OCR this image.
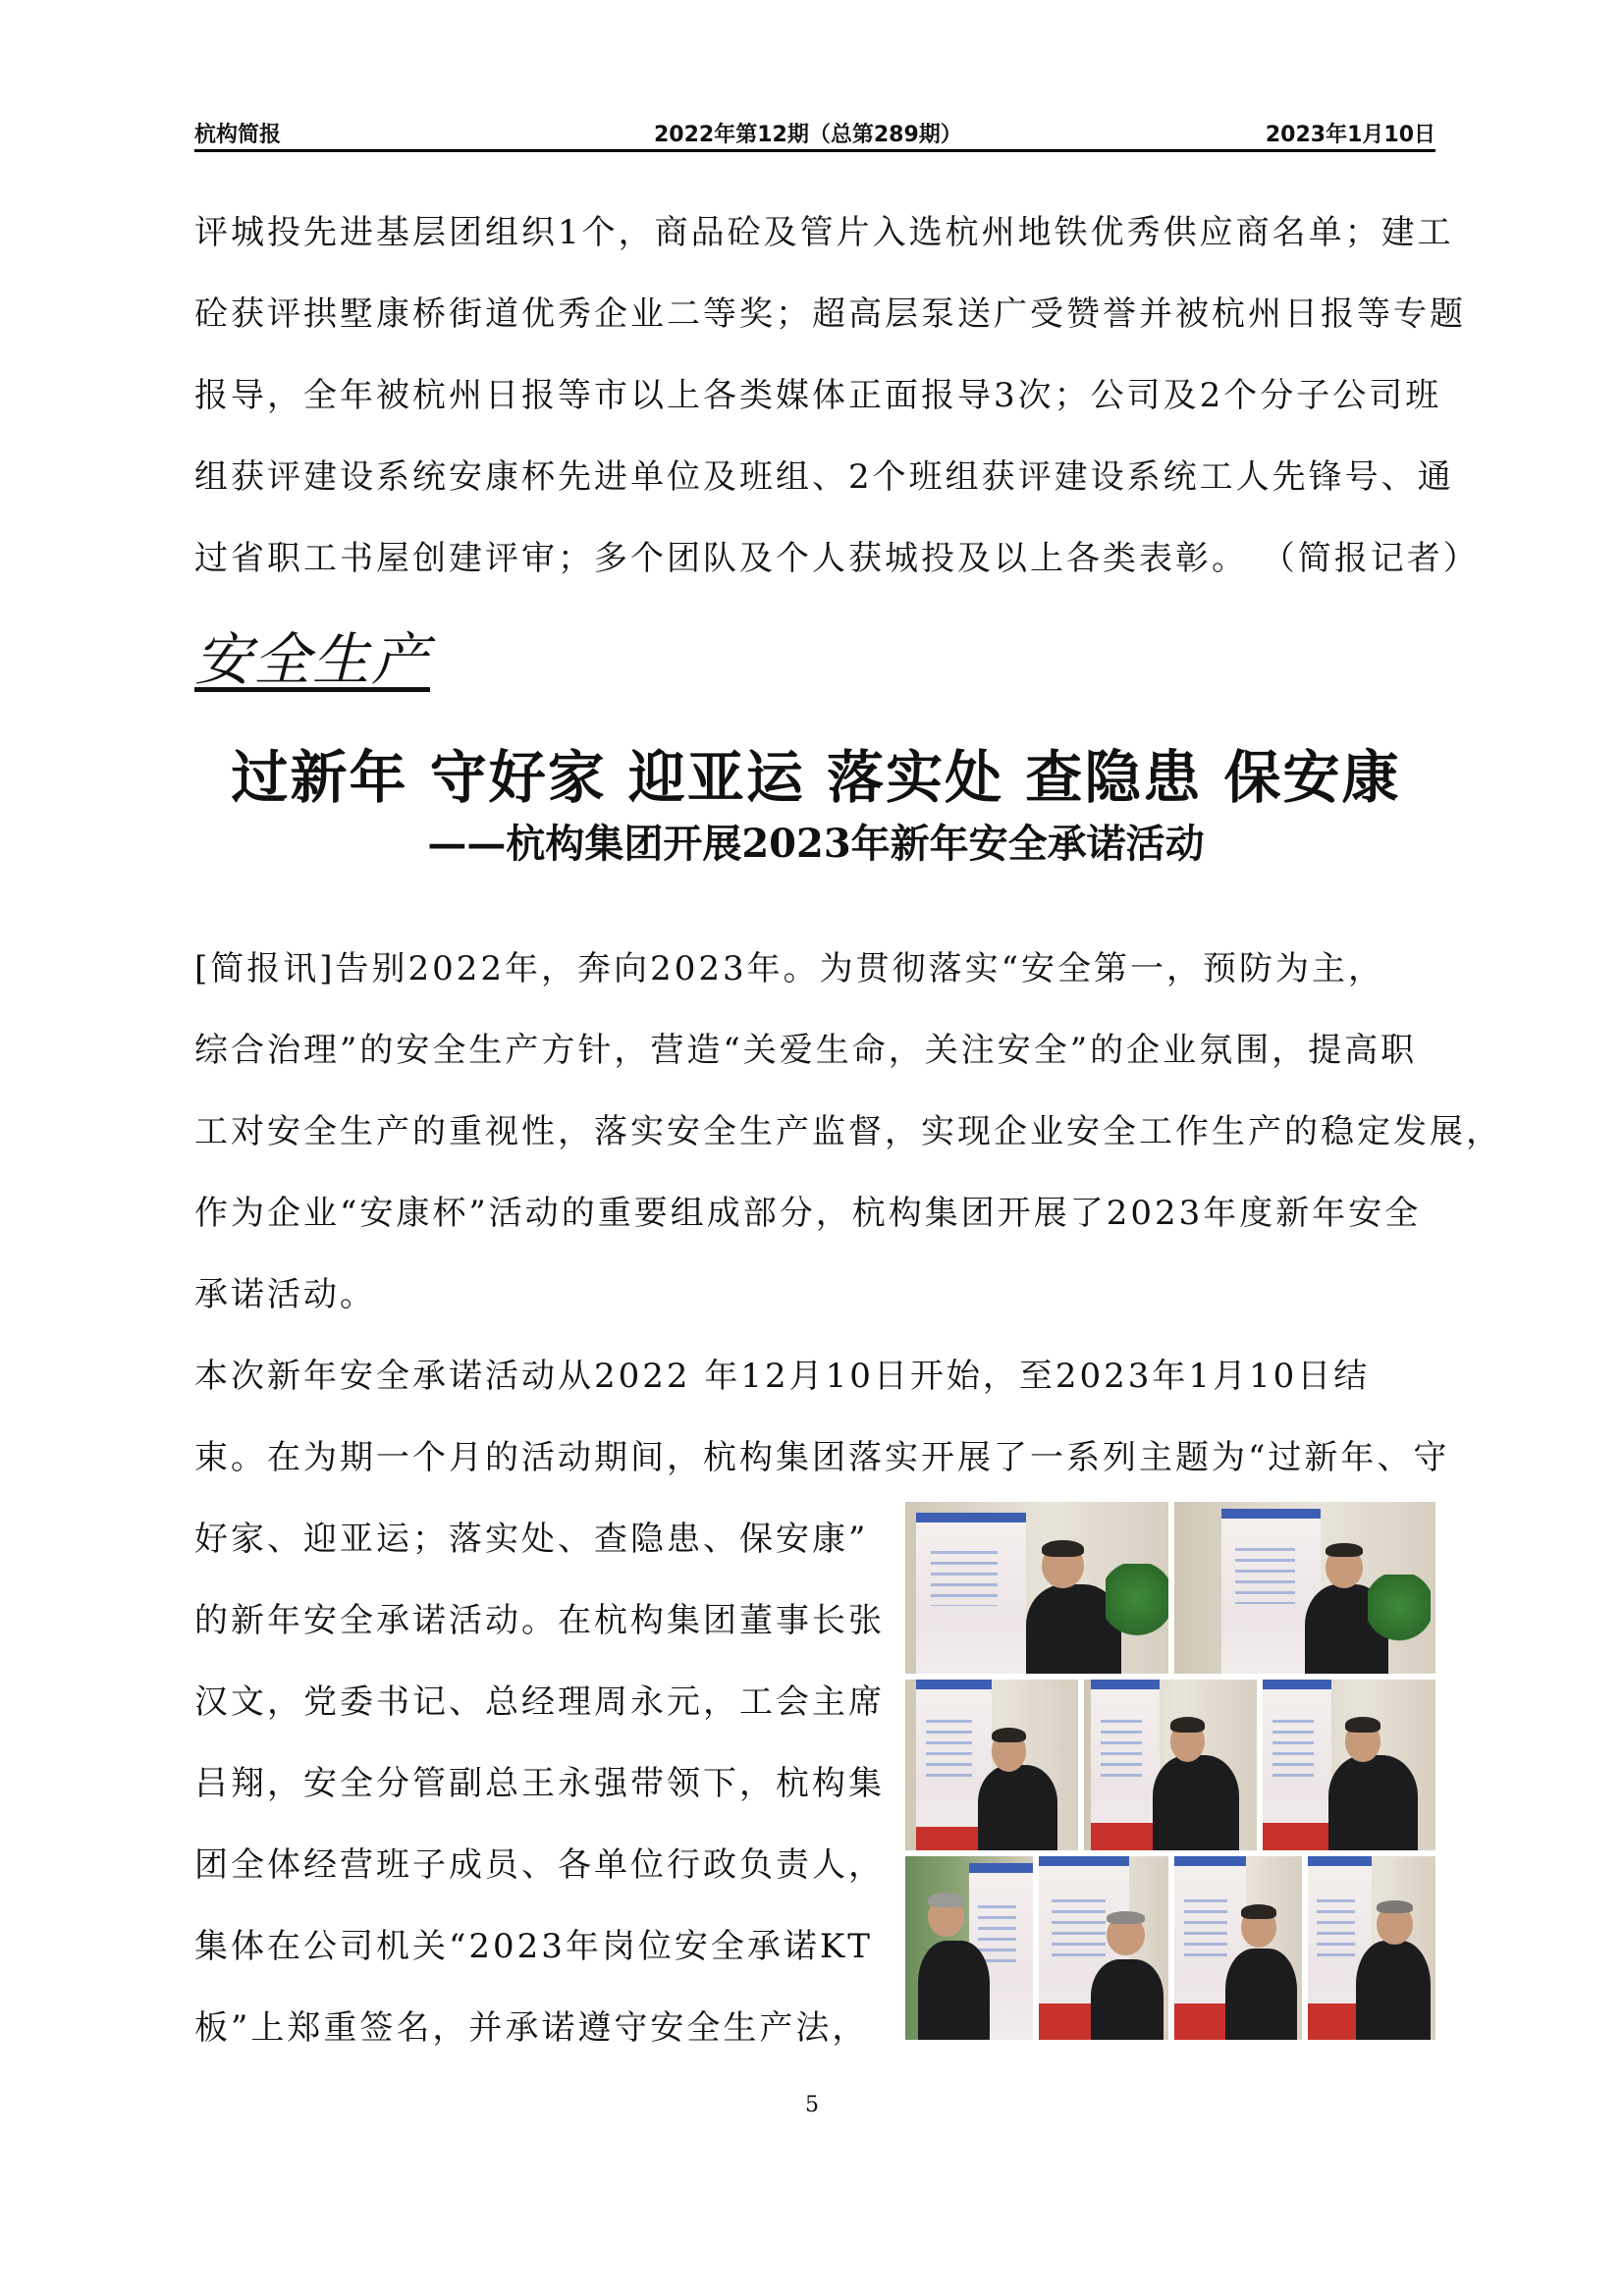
杭构简报	2022年第12期（总第289期）	2023年1月10日
评城投先进基层团组织1个，商品砼及管片入选杭州地铁优秀供应商名单；建工
砼获评拱墅康桥街道优秀企业二等奖；超高层泵送广受赞誉并被杭州日报等专题
报导，全年被杭州日报等市以上各类媒体正面报导3次；公司及2个分子公司班
组获评建设系统安康杯先进单位及班组、2个班组获评建设系统工人先锋号、通
过省职工书屋创建评审；多个团队及个人获城投及以上各类表彰。 （简报记者）
安全生产
过新年 守好家 迎亚运 落实处 查隐患 保安康
——杭构集团开展2023年新年安全承诺活动
[简报讯]告别2022年，奔向2023年。为贯彻落实“安全第一，预防为主，
综合治理”的安全生产方针，营造“关爱生命，关注安全”的企业氛围，提高职
工对安全生产的重视性，落实安全生产监督，实现企业安全工作生产的稳定发展，
作为企业“安康杯”活动的重要组成部分，杭构集团开展了2023年度新年安全
承诺活动。
本次新年安全承诺活动从2022 年12月10日开始，至2023年1月10日结
束。在为期一个月的活动期间，杭构集团落实开展了一系列主题为“过新年、守
好家、迎亚运；落实处、查隐患、保安康”
的新年安全承诺活动。在杭构集团董事长张
汉文，党委书记、总经理周永元，工会主席
吕翔，安全分管副总王永强带领下，杭构集
团全体经营班子成员、各单位行政负责人，
集体在公司机关“2023年岗位安全承诺KT
板”上郑重签名，并承诺遵守安全生产法，
5
